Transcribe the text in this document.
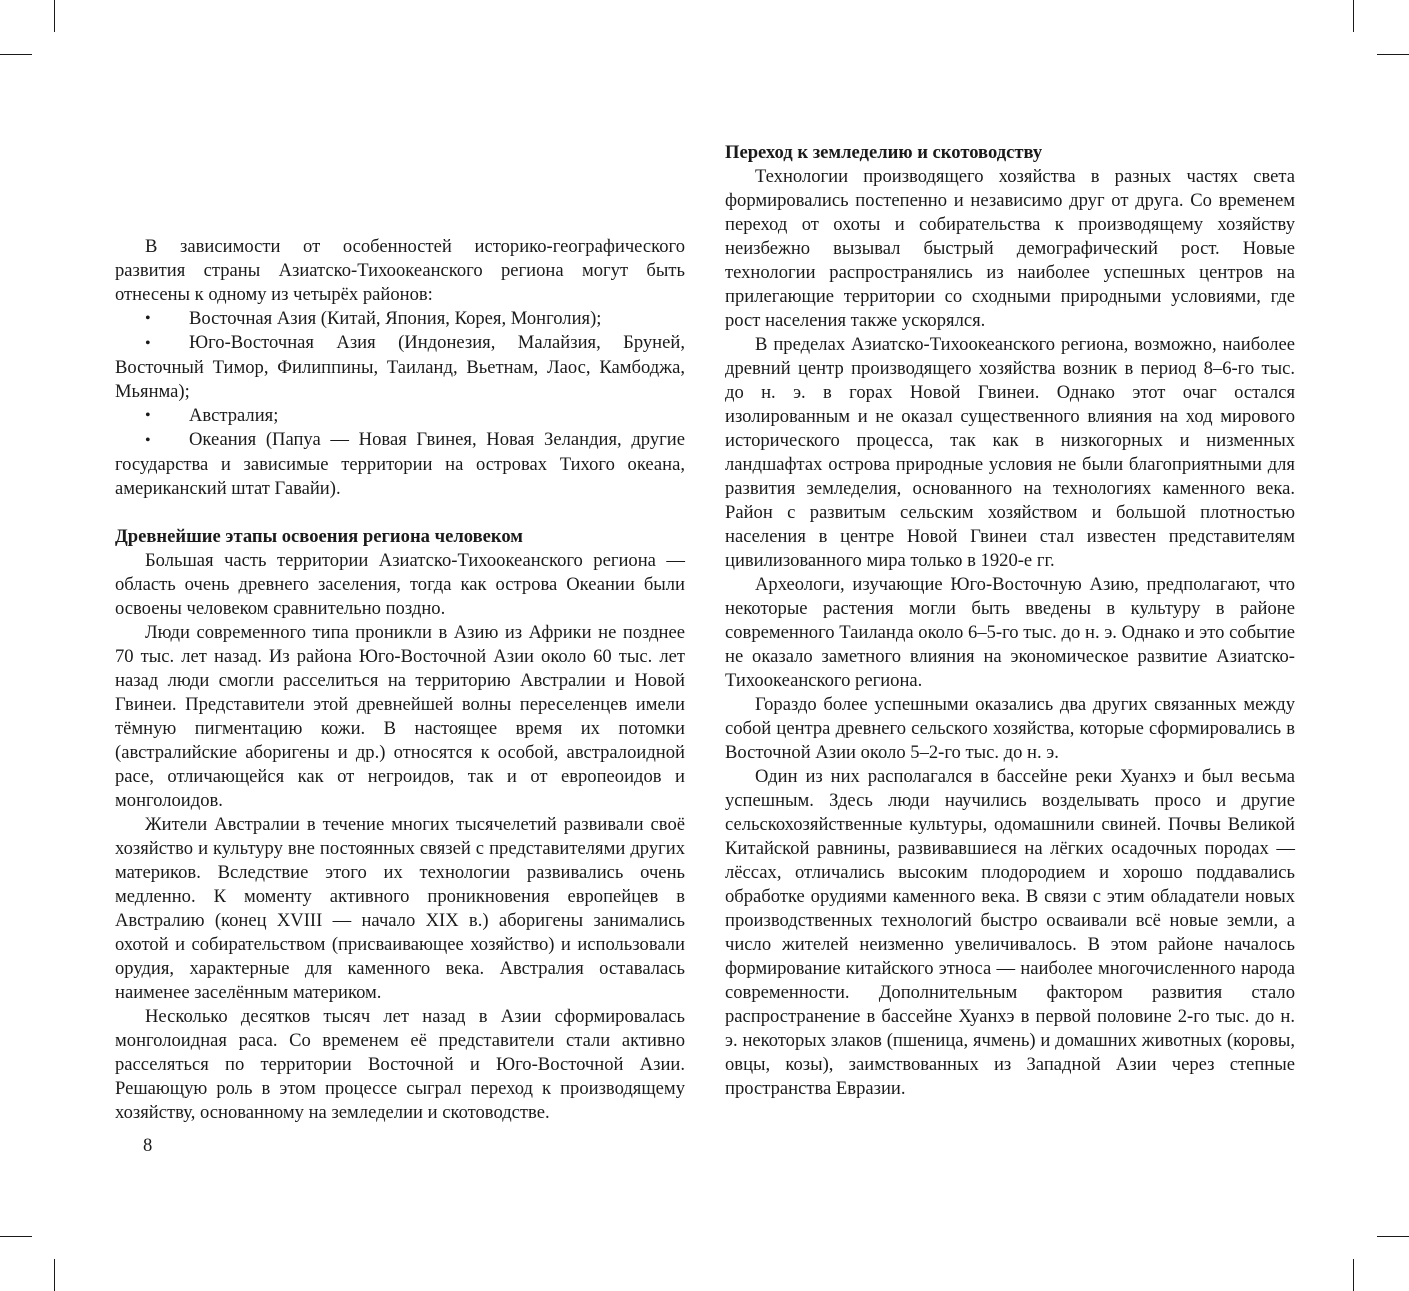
В зависимости от особенностей историко-географического развития страны Азиатско-Тихоокеанского региона могут быть отнесены к одному из четырёх районов:

•	Восточная Азия (Китай, Япония, Корея, Монголия);
• Юго-Восточная Азия (Индонезия, Малайзия, Бруней, Восточный Тимор, Филиппины, Таиланд, Вьетнам, Лаос, Камбоджа, Мьянма);
•	Австралия;
• Океания (Папуа — Новая Гвинея, Новая Зеландия, другие государства и зависимые территории на островах Тихого океана, американский штат Гавайи).
Древнейшие этапы освоения региона человеком

Большая часть территории Азиатско-Тихоокеанского региона — область очень древнего заселения, тогда как острова Океании были освоены человеком сравнительно поздно.

Люди современного типа проникли в Азию из Африки не позднее 70 тыс. лет назад. Из района Юго-Восточной Азии около 60 тыс. лет назад люди смогли расселиться на территорию Австралии и Новой Гвинеи. Представители этой древнейшей волны переселенцев имели тёмную пигментацию кожи. В настоящее время их потомки (австралийские аборигены и др.) относятся к особой, австралоидной расе, отличающейся как от негроидов, так и от европеоидов и монголоидов.

Жители Австралии в течение многих тысячелетий развивали своё хозяйство и культуру вне постоянных связей с представителями других материков. Вследствие этого их технологии развивались очень медленно. К моменту активного проникновения европейцев в Австралию (конец XVIII — начало XIX в.) аборигены занимались охотой и собирательством (присваивающее хозяйство) и использовали орудия, характерные для каменного века. Австралия оставалась наименее заселённым материком.

Несколько десятков тысяч лет назад в Азии сформировалась монголоидная раса. Со временем её представители стали активно расселяться по территории Восточной и Юго-Восточной Азии. Решающую роль в этом процессе сыграл переход к производящему хозяйству, основанному на земледелии и скотоводстве.

Переход к земледелию и скотоводству

Технологии производящего хозяйства в разных частях света формировались постепенно и независимо друг от друга. Со временем переход от охоты и собирательства к производящему хозяйству неизбежно вызывал быстрый демографический рост. Новые технологии распространялись из наиболее успешных центров на прилегающие территории со сходными природными условиями, где рост населения также ускорялся.

В пределах Азиатско-Тихоокеанского региона, возможно, наиболее древний центр производящего хозяйства возник в период 8–6-го тыс. до н. э. в горах Новой Гвинеи. Однако этот очаг остался изолированным и не оказал существенного влияния на ход мирового исторического процесса, так как в низкогорных и низменных ландшафтах острова природные условия не были благоприятными для развития земледелия, основанного на технологиях каменного века. Район с развитым сельским хозяйством и большой плотностью населения в центре Новой Гвинеи стал известен представителям цивилизованного мира только в 1920-е гг.

Археологи, изучающие Юго-Восточную Азию, предполагают, что некоторые растения могли быть введены в культуру в районе современного Таиланда около 6–5-го тыс. до н. э. Однако и это событие не оказало заметного влияния на экономическое развитие Азиатско-Тихоокеанского региона.

Гораздо более успешными оказались два других связанных между собой центра древнего сельского хозяйства, которые сформировались в Восточной Азии около 5–2-го тыс. до н. э.

Один из них располагался в бассейне реки Хуанхэ и был весьма успешным. Здесь люди научились возделывать просо и другие сельскохозяйственные культуры, одомашнили свиней. Почвы Великой Китайской равнины, развивавшиеся на лёгких осадочных породах — лёссах, отличались высоким плодородием и хорошо поддавались обработке орудиями каменного века. В связи с этим обладатели новых производственных технологий быстро осваивали всё новые земли, а число жителей неизменно увеличивалось. В этом районе началось формирование китайского этноса — наиболее многочисленного народа современности. Дополнительным фактором развития стало распространение в бассейне Хуанхэ в первой половине 2-го тыс. до н. э. некоторых злаков (пшеница, ячмень) и домашних животных (коровы, овцы, козы), заимствованных из Западной Азии через степные пространства Евразии.

8
